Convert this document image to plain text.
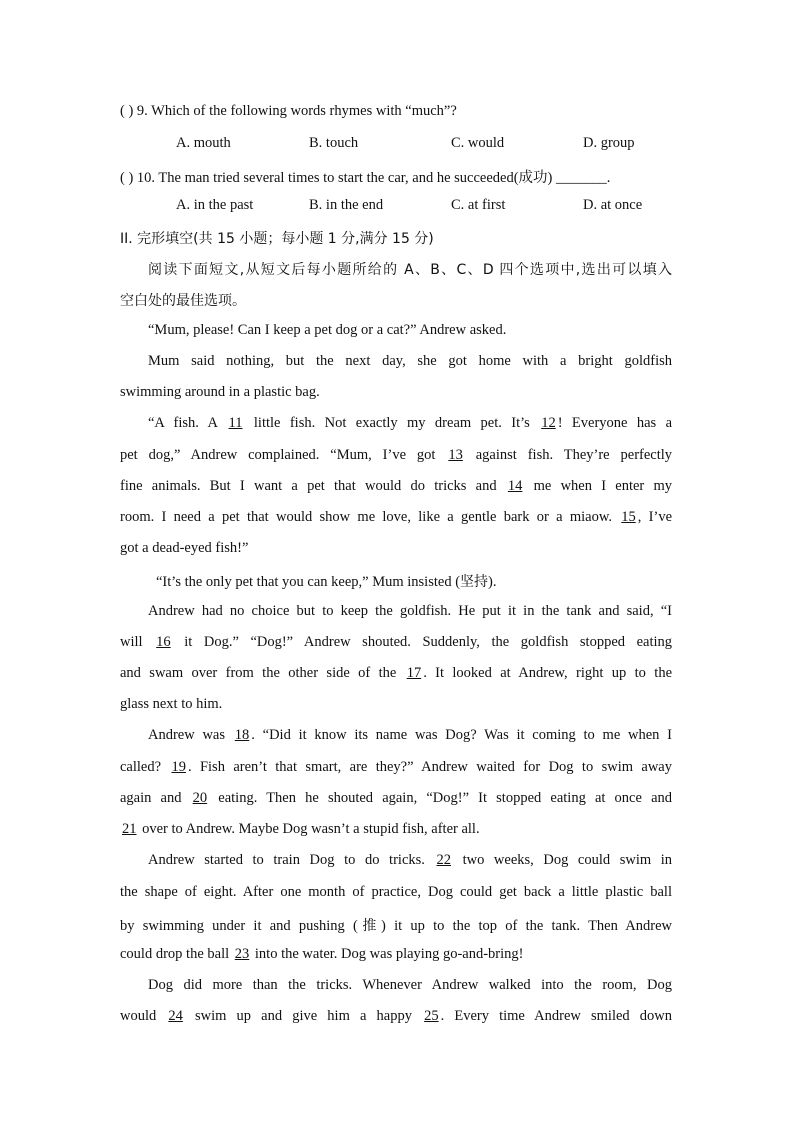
( ) 9. Which of the following words rhymes with “much”?
A. mouth	B. touch	C. would	D. group
( ) 10. The man tried several times to start the car, and he succeeded(成功) _______.
A. in the past	B. in the end	C. at first	D. at once
II. 完形填空(共 15 小题；每小题 1 分,满分 15 分)
阅读下面短文,从短文后每小题所给的 A、B、C、D 四个选项中,选出可以填入
空白处的最佳选项。
“Mum, please! Can I keep a pet dog or a cat?” Andrew asked.
Mum said nothing, but the next day, she got home with a bright goldfish
swimming around in a plastic bag.
“A fish. A 11 little fish. Not exactly my dream pet. It’s 12! Everyone has a
pet dog,” Andrew complained. “Mum, I’ve got 13 against fish. They’re perfectly
fine animals. But I want a pet that would do tricks and 14 me when I enter my
room. I need a pet that would show me love, like a gentle bark or a miaow. 15, I’ve
got a dead-eyed fish!”
“It’s the only pet that you can keep,” Mum insisted (坚持).
Andrew had no choice but to keep the goldfish. He put it in the tank and said, “I
will 16 it Dog.” “Dog!” Andrew shouted. Suddenly, the goldfish stopped eating
and swam over from the other side of the 17. It looked at Andrew, right up to the
glass next to him.
Andrew was 18. “Did it know its name was Dog? Was it coming to me when I
called? 19. Fish aren’t that smart, are they?” Andrew waited for Dog to swim away
again and 20 eating. Then he shouted again, “Dog!” It stopped eating at once and
21 over to Andrew. Maybe Dog wasn’t a stupid fish, after all.
Andrew started to train Dog to do tricks. 22 two weeks, Dog could swim in
the shape of eight. After one month of practice, Dog could get back a little plastic ball
by swimming under it and pushing (推) it up to the top of the tank. Then Andrew
could drop the ball 23 into the water. Dog was playing go-and-bring!
Dog did more than the tricks. Whenever Andrew walked into the room, Dog
would 24 swim up and give him a happy 25. Every time Andrew smiled down
